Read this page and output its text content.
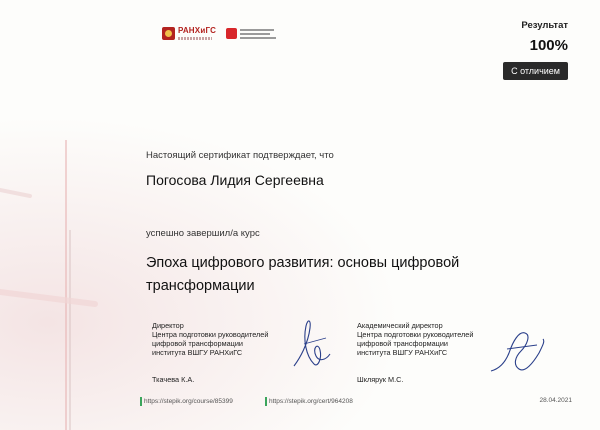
РАНХиГС	Результат
100%
С отличием
Настоящий сертификат подтверждает, что
Погосова Лидия Сергеевна
успешно завершил/а курс
Эпоха цифрового развития: основы цифровой
трансформации
Директор
Центра подготовки руководителей
цифровой трансформации
института ВШГУ РАНХиГС
Академический директор
Центра подготовки руководителей
цифровой трансформации
института ВШГУ РАНХиГС
Ткачева К.А.	Шклярук М.С.
https://stepik.org/course/85399	https://stepik.org/cert/964208	28.04.2021
